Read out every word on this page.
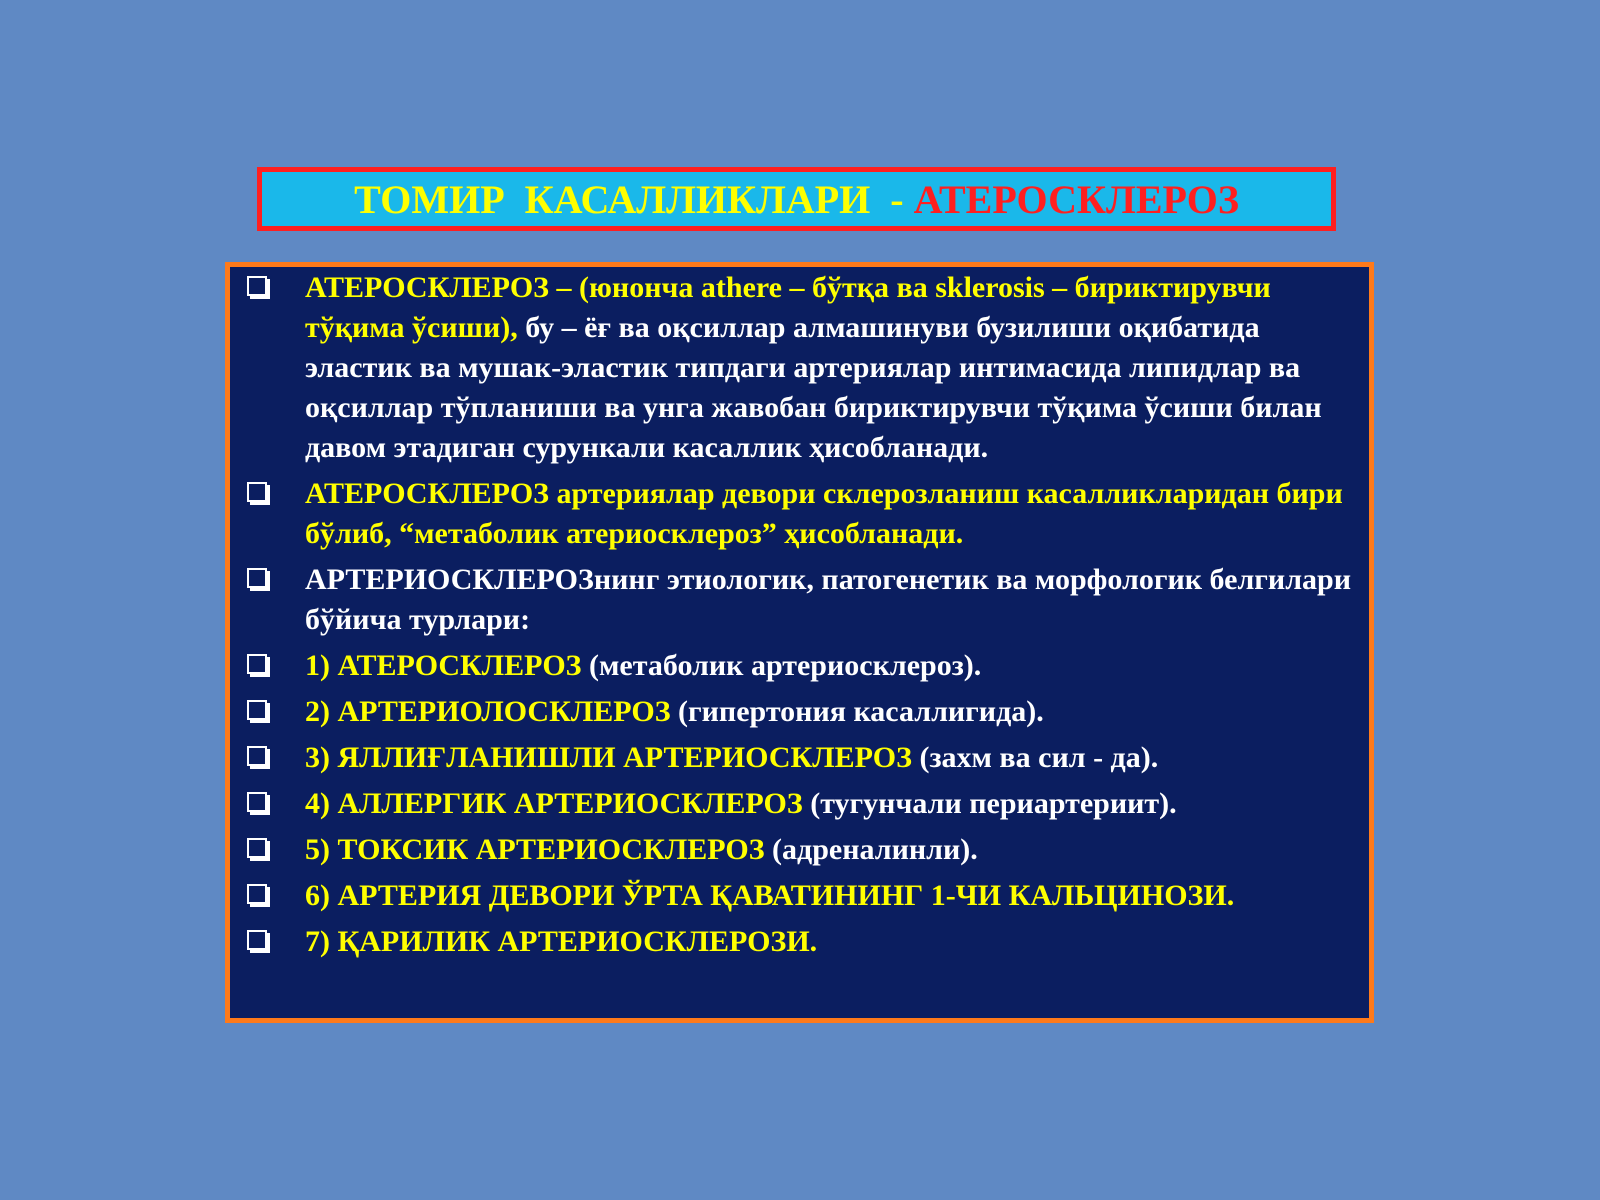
ТОМИР  КАСАЛЛИКЛАРИ  - АТЕРОСКЛЕРОЗ
АТЕРОСКЛЕРОЗ – (юнонча athere – бўтқа ва sklerosis – бириктирувчи тўқима ўсиши), бу – ёғ ва оқсиллар алмашинуви бузилиши оқибатида эластик ва мушак-эластик типдаги артериялар интимасида липидлар ва оқсиллар тўпланиши ва унга жавобан бириктирувчи тўқима ўсиши билан давом этадиган сурункали касаллик ҳисобланади.
АТЕРОСКЛЕРОЗ артериялар девори склерозланиш касалликларидан бири бўлиб, “метаболик атериосклероз” ҳисобланади.
АРТЕРИОСКЛЕРОЗнинг этиологик, патогенетик ва морфологик белгилари бўйича турлари:
1) АТЕРОСКЛЕРОЗ (метаболик артериосклероз).
2) АРТЕРИОЛОСКЛЕРОЗ (гипертония касаллигида).
3) ЯЛЛИҒЛАНИШЛИ АРТЕРИОСКЛЕРОЗ (захм ва сил - да).
4) АЛЛЕРГИК АРТЕРИОСКЛЕРОЗ (тугунчали периартериит).
5) ТОКСИК АРТЕРИОСКЛЕРОЗ (адреналинли).
6) АРТЕРИЯ ДЕВОРИ ЎРТА ҚАВАТИНИНГ 1-ЧИ КАЛЬЦИНОЗИ.
7) ҚАРИЛИК АРТЕРИОСКЛЕРОЗИ.
